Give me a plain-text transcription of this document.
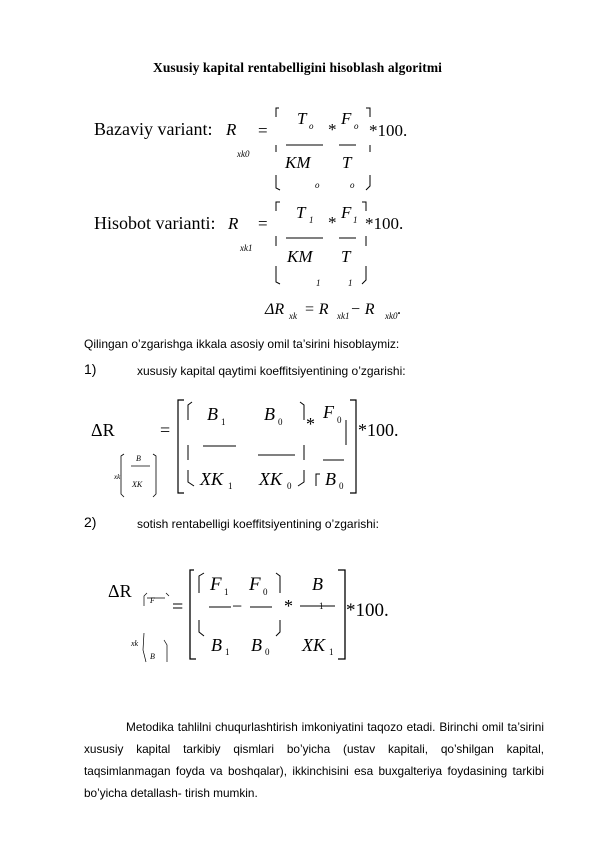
Xususiy kapital rentabelligini hisoblash algoritmi
Bazaviy variant: R
xk0
=
T o *
F o
KM T
o	o
*100.
Hisobot varianti: R
xk1
=
T 1 *
F 1
KM T
1	1
*100.
ΔR xk = R xk1 − R xk0 .
ΔR
xk
B
XK
=
B 1 B 0
XK 1 XK 0
*
F 0
B 0
*100.
ΔR F
xk
B
=
F 1
−
F 0
B 1 B 0
*
B
1
XK 1
*100.
Qilingan o’zgarishga ikkala asosiy omil ta’sirini hisoblaymiz:
1)	xususiy kapital qaytimi koeffitsiyentining o’zgarishi:
2)	sotish rentabelligi koeffitsiyentining o’zgarishi:
Metodika tahlilni chuqurlashtirish imkoniyatini taqozo etadi. Birinchi omil ta’sirini xususiy kapital tarkibiy qismlari bo’yicha (ustav kapitali, qo’shilgan kapital, taqsimlanmagan foyda va boshqalar), ikkinchisini esa buxgalteriya foydasining tarkibi bo’yicha detallash- tirish mumkin.
